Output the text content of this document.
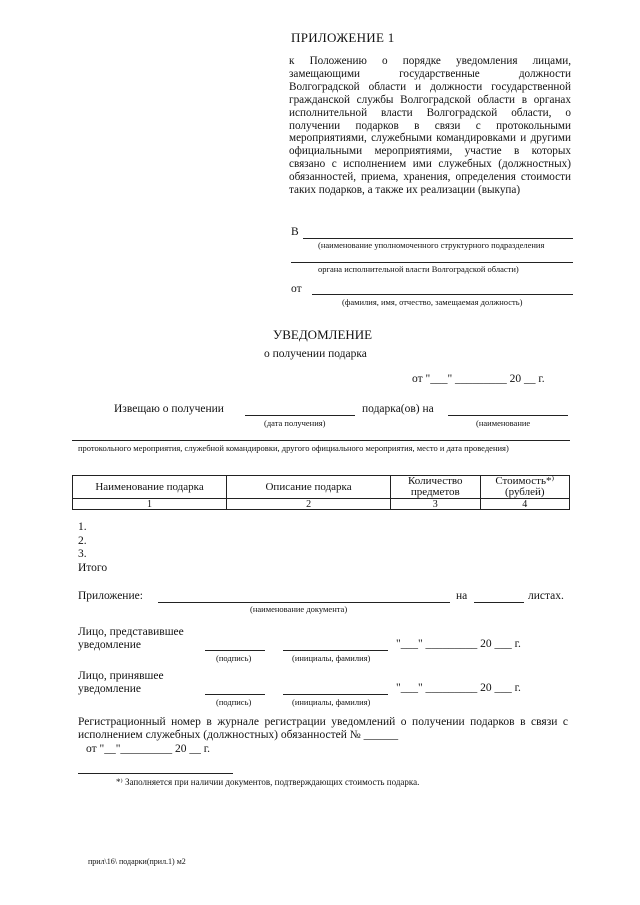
ПРИЛОЖЕНИЕ 1
к Положению о порядке уведомления лицами, замещающими государственные должности Волгоградской области и должности государственной гражданской службы Волгоградской области в органах исполнительной власти Волгоградской области, о получении подарков в связи с протокольными мероприятиями, служебными командировками и другими официальными мероприятиями, участие в которых связано с исполнением ими служебных (должностных) обязанностей, приема, хранения, определения стоимости таких подарков, а также их реализации (выкупа)
В
(наименование уполномоченного структурного подразделения
органа исполнительной власти Волгоградской области)
от
(фамилия, имя, отчество, замещаемая должность)
УВЕДОМЛЕНИЕ
о получении подарка
от "___" _________ 20 __ г.
Извещаю о получении	подарка(ов) на
(дата получения)	(наименование
протокольного мероприятия, служебной командировки, другого официального мероприятия, место и дата проведения)
Наименование подарка	Описание подарка	Количество предметов	Стоимость*⁾ (рублей)
1	2	3	4
1.
2.
3.
Итого
Приложение:	на	листах.
(наименование документа)
Лицо, представившее
уведомление	"___" _________ 20 ___ г.
(подпись)	(инициалы, фамилия)
Лицо, принявшее
уведомление	"___" _________ 20 ___ г.
(подпись)	(инициалы, фамилия)
Регистрационный номер в журнале регистрации уведомлений о получении подарков в связи с исполнением служебных (должностных) обязанностей № ______
от "__"_________ 20 __ г.
*⁾ Заполняется при наличии документов, подтверждающих стоимость подарка.
прил\16\ подарки(прил.1) м2
